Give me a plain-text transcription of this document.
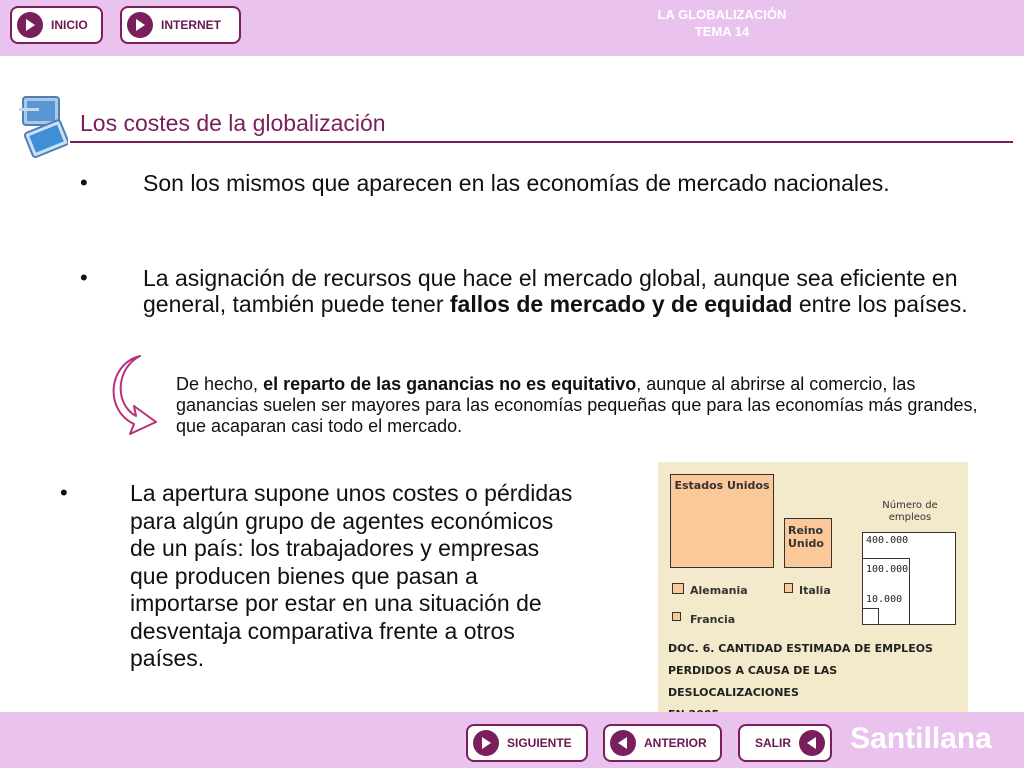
INICIO	INTERNET
LA GLOBALIZACIÓN
TEMA 14
Los costes de la globalización
• Son los mismos que aparecen en las economías de mercado nacionales.
• La asignación de recursos que hace el mercado global, aunque sea eficiente en general, también puede tener fallos de mercado y de equidad entre los países.
De hecho, el reparto de las ganancias no es equitativo, aunque al abrirse al comercio, las ganancias suelen ser mayores para las economías pequeñas que para las economías más grandes, que acaparan casi todo el mercado.
•	La apertura supone unos costes o pérdidas para algún grupo de agentes económicos de un país: los trabajadores y empresas que producen bienes que pasan a importarse por estar en una situación de desventaja comparativa frente a otros países.
Estados Unidos
Reino Unido
Alemania	Italia
Francia
Número de empleos
400.000
100.000
10.000
DOC. 6. CANTIDAD ESTIMADA DE EMPLEOS
PERDIDOS A CAUSA DE LAS DESLOCALIZACIONES
SIGUIENTE	ANTERIOR	SALIR	Santillana
